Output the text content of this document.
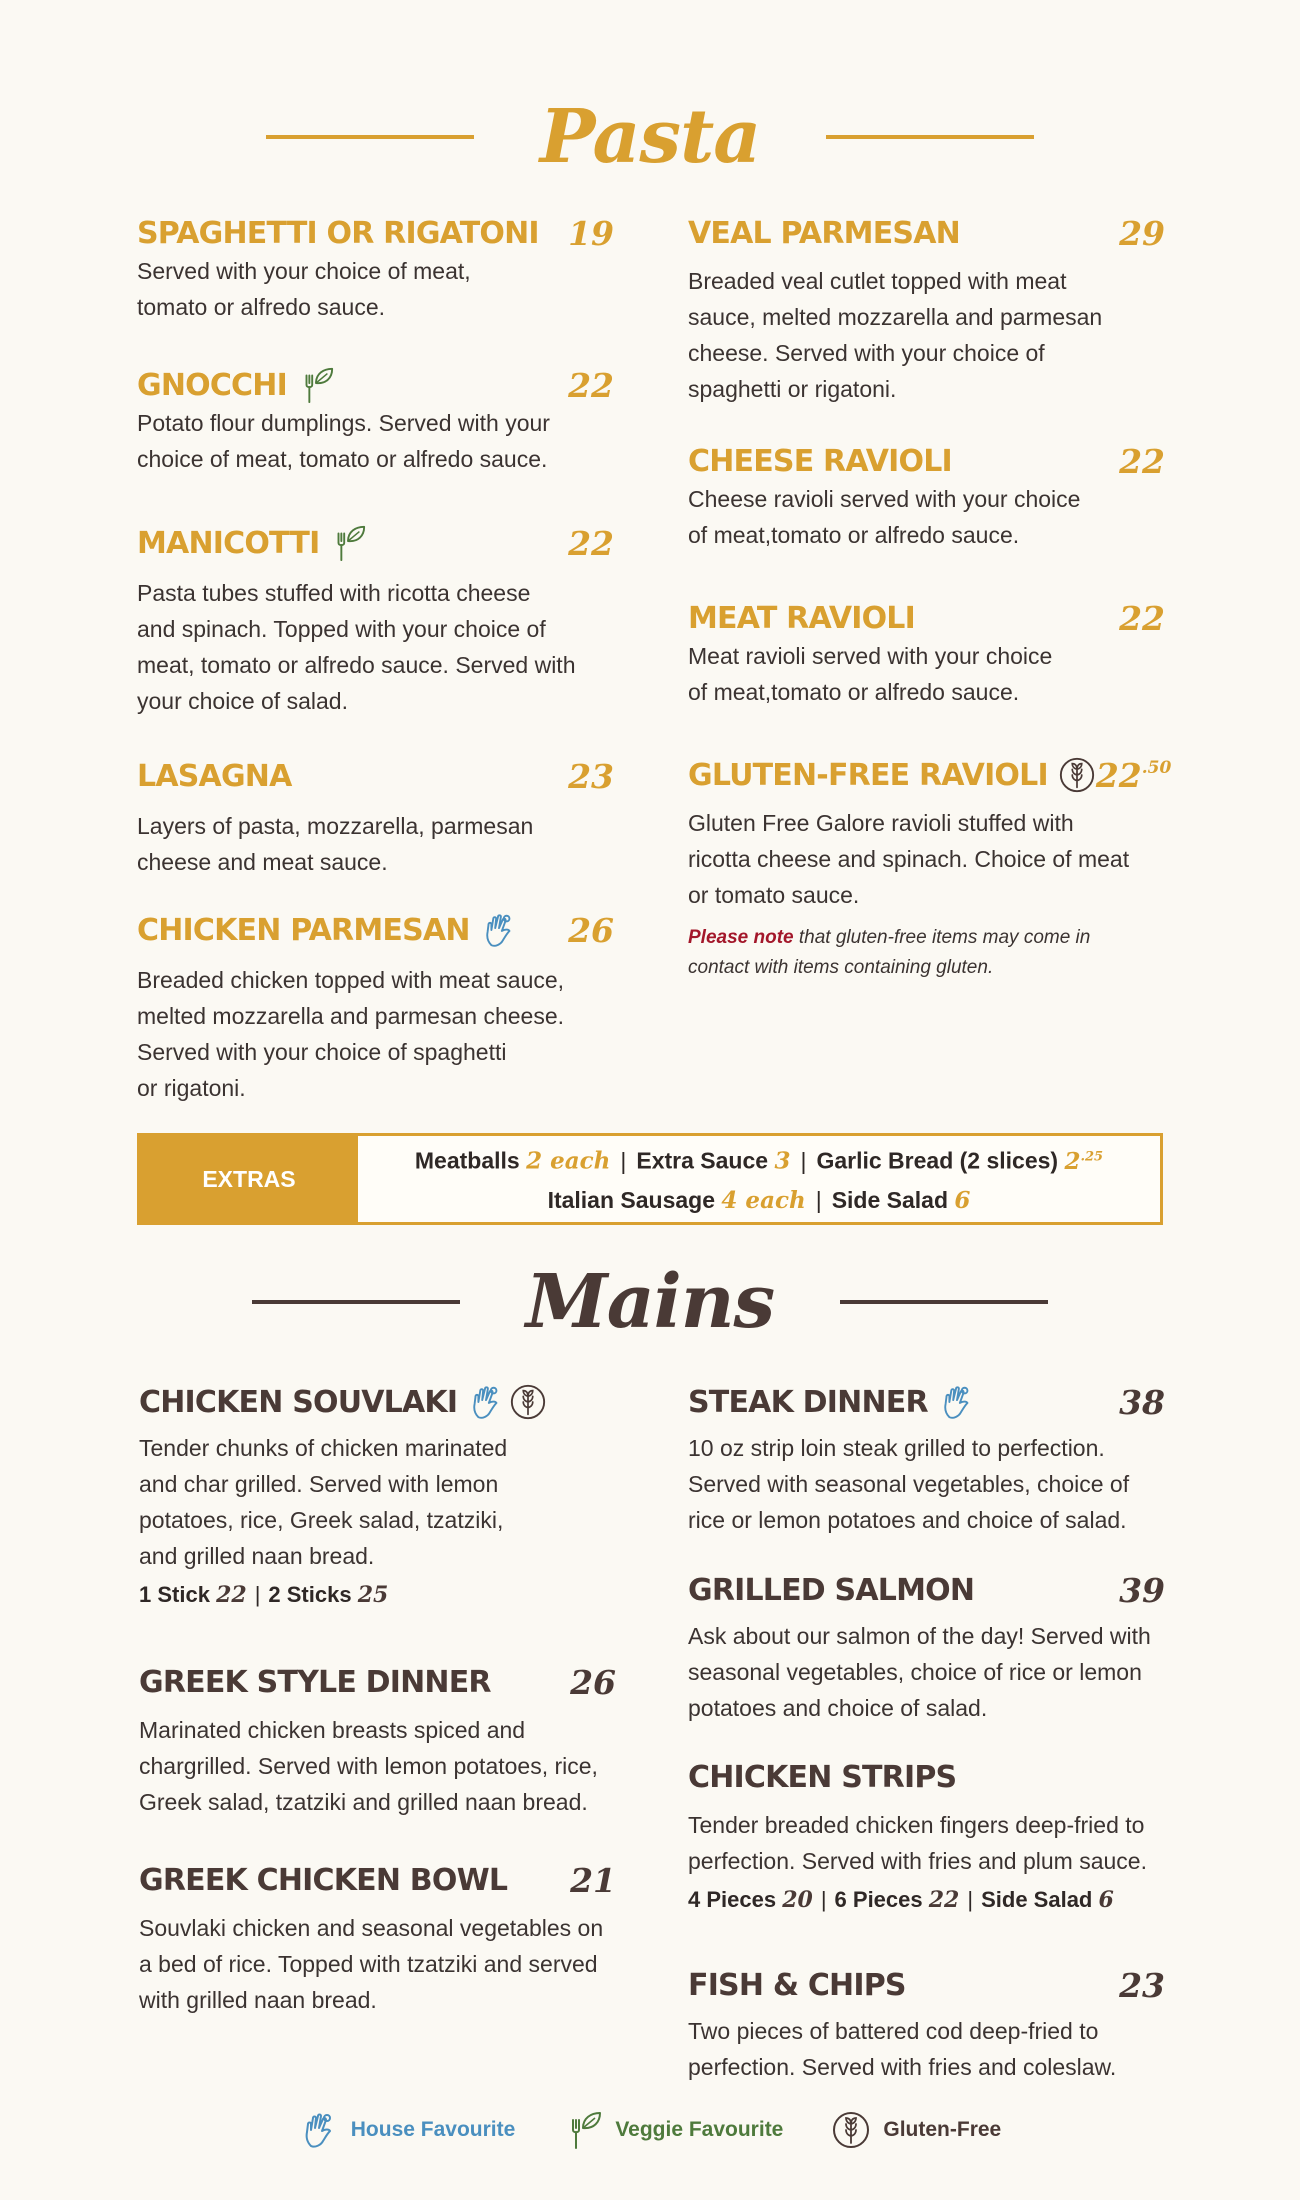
Pasta
SPAGHETTI OR RIGATONI 19

Served with your choice of meat,

tomato or alfredo sauce.

GNOCCHI	22

Potato flour dumplings. Served with your

choice of meat, tomato or alfredo sauce.

MANICOTTI	22

Pasta tubes stuffed with ricotta cheese

and spinach. Topped with your choice of

meat, tomato or alfredo sauce. Served with

your choice of salad.

LASAGNA	23

Layers of pasta, mozzarella, parmesan

cheese and meat sauce.

CHICKEN PARMESAN	26

Breaded chicken topped with meat sauce,

melted mozzarella and parmesan cheese.

Served with your choice of spaghetti

or rigatoni.

VEAL PARMESAN	29

Breaded veal cutlet topped with meat

sauce, melted mozzarella and parmesan

cheese. Served with your choice of

spaghetti or rigatoni.

CHEESE RAVIOLI	22

Cheese ravioli served with your choice

of meat,tomato or alfredo sauce.

MEAT RAVIOLI	22

Meat ravioli served with your choice

of meat,tomato or alfredo sauce.

GLUTEN-FREE RAVIOLI $22^{.50}$

Gluten Free Galore ravioli stuffed with

ricotta cheese and spinach. Choice of meat

or tomato sauce.

Please note that gluten-free items may come in
contact with items containing gluten.
EXTRAS
Meatballs 2 each | Extra Sauce 3 | Garlic Bread (2 slices) $2^{.25}$
Italian Sausage 4 each | Side Salad 6
Mains
CHICKEN SOUVLAKI

Tender chunks of chicken marinated

and char grilled. Served with lemon

potatoes, rice, Greek salad, tzatziki,

and grilled naan bread.

1 Stick 22 | 2 Sticks 25
GREEK STYLE DINNER 26

Marinated chicken breasts spiced and

chargrilled. Served with lemon potatoes, rice,

Greek salad, tzatziki and grilled naan bread.

GREEK CHICKEN BOWL 21

Souvlaki chicken and seasonal vegetables on

a bed of rice. Topped with tzatziki and served

with grilled naan bread.

STEAK DINNER	38

10 oz strip loin steak grilled to perfection.

Served with seasonal vegetables, choice of

rice or lemon potatoes and choice of salad.

GRILLED SALMON	39

Ask about our salmon of the day! Served with

seasonal vegetables, choice of rice or lemon

potatoes and choice of salad.

CHICKEN STRIPS

Tender breaded chicken fingers deep-fried to

perfection. Served with fries and plum sauce.

4 Pieces 20 | 6 Pieces 22 | Side Salad 6
FISH & CHIPS	23

Two pieces of battered cod deep-fried to

perfection. Served with fries and coleslaw.

House Favourite	Veggie Favourite	Gluten-Free
